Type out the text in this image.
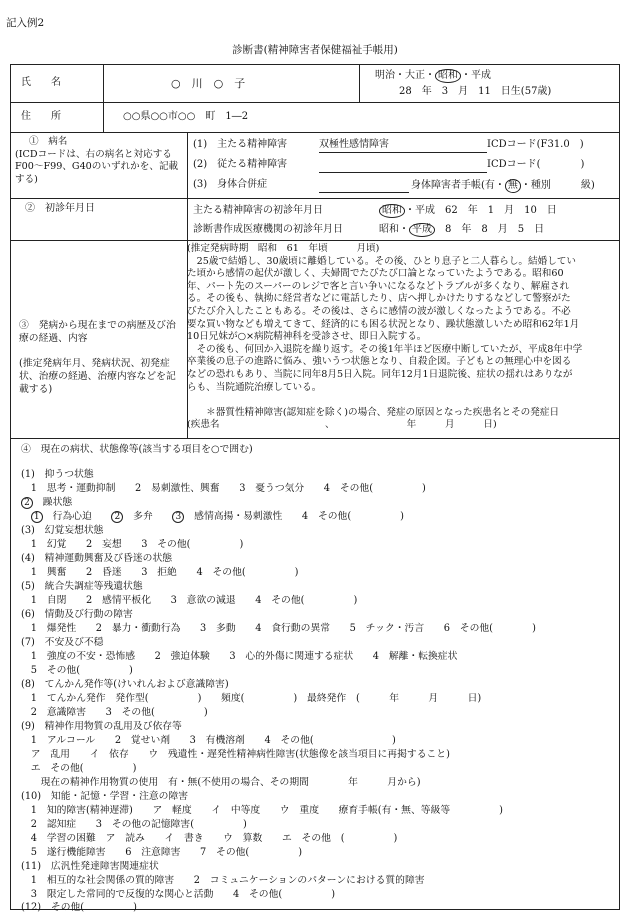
記入例2
診断書(精神障害者保健福祉手帳用)
氏　　名	○　川　○　子
明治・大正・ 昭和 ・平成
28　年　3　月　11　日生(57歳)
住　　所	○○県○○市○○　町　1―2
①　 病名
(ICDコードは、右の病名と対応するF00〜F99、G40のいずれかを、記載する)
(1)　主たる精神障害	双極性感情障害	ICDコード(F31.0　)
(2)　従たる精神障害
	ICDコード(　　　　)
(3)　身体合併症
	身体障害者手帳(有・ 無 ・種別　　　級)
②　初診年月日	主たる精神障害の初診年月日	昭和 ・平成　62　年　1　月　10　日
診断書作成医療機関の初診年月日	昭和・ 平成　8　年　8　月　5　日
③　発病から現在までの病歴及び治療の経過、内容
(推定発病年月、発病状況、初発症状、治療の経過、治療内容などを記載する)
(推定発病時期　昭和　61　年頃　　　月頃)
　25歳で結婚し、30歳頃に離婚している。その後、ひとり息子と二人暮らし。結婚してい
た頃から感情の起伏が激しく、夫婦間でたびたび口論となっていたようである。昭和60
年、パート先のスーパーのレジで客と言い争いになるなどトラブルが多くなり、解雇され
る。その後も、執拗に経営者などに電話したり、店へ押しかけたりするなどして警察がた
びたび介入したこともある。その後は、さらに感情の波が激しくなったようである。不必
要な買い物なども増えてきて、経済的にも困る状況となり、躁状態激しいため昭和62年1月
10日兄妹が○×病院精神科を受診させ、即日入院する。
　その後も、何回か入退院を繰り返す。その後1年半ほど医療中断していたが、平成8年中学
卒業後の息子の進路に悩み、強いうつ状態となり、自殺企図。子どもとの無理心中を図る
などの恐れもあり、当院に同年8月5日入院。同年12月1日退院後、症状の揺れはありなが
らも、当院通院治療している。
　　＊器質性精神障害(認知症を除く)の場合、発症の原因となった疾患名とその発症日
(疾患名　　　　　　　　　　　、　　　　　　　　年　　　月　　　日)
④　現在の病状、状態像等(該当する項目を○で囲む)
(1)　抑うつ状態
　1　思考・運動抑制　　2　易刺激性、興奮　　3　憂うつ気分　　4　その他(　　　　　)
2　躁状態
　1　行為心迫　　2　多弁　　3　感情高揚・易刺激性　　4　その他(　　　　　)
(3)　幻覚妄想状態
　1　幻覚　　2　妄想　　3　その他(　　　　　)
(4)　精神運動興奮及び昏迷の状態
　1　興奮　　2　昏迷　　3　拒絶　　4　その他(　　　　　)
(5)　統合失調症等残遺状態
　1　自閉　　2　感情平板化　　3　意欲の減退　　4　その他(　　　　　)
(6)　情動及び行動の障害
　1　爆発性　　2　暴力・衝動行為　　3　多動　　4　食行動の異常　　5　チック・汚言　　6　その他(　　　　)
(7)　不安及び不穏
　1　強度の不安・恐怖感　　2　強迫体験　　3　心的外傷に関連する症状　　4　解離・転換症状
　5　その他(　　　　　)
(8)　てんかん発作等(けいれんおよび意識障害)
　1　てんかん発作　発作型(　　　　　)　　頻度(　　　　　)　最終発作　(　　　年　　　月　　　日)
　2　意識障害　　3　その他(　　　　　)
(9)　精神作用物質の乱用及び依存等
　1　アルコール　　2　覚せい剤　　3　有機溶剤　　4　その他(　　　　　　　　)
　ア　乱用　　イ　依存　　ウ　残遺性・遅発性精神病性障害(状態像を該当項目に再掲すること)
　エ　その他(　　　　　)
　　現在の精神作用物質の使用　有・無(不使用の場合、その期間　　　　年　　　月から)
(10)　知能・記憶・学習・注意の障害
　1　知的障害(精神遅滞)　　ア　軽度　　イ　中等度　　ウ　重度　　療育手帳(有・無、等級等　　　　　)
　2　認知症　　3　その他の記憶障害(　　　　　)
　4　学習の困難　ア　読み　　イ　書き　　ウ　算数　　エ　その他　(　　　　　)
　5　遂行機能障害　　6　注意障害　　7　その他(　　　　　)
(11)　広汎性発達障害関連症状
　1　相互的な社会関係の質的障害　　2　コミュニケーションのパターンにおける質的障害
　3　限定した常同的で反復的な関心と活動　　4　その他(　　　　　)
(12)　その他(　　　　　)
